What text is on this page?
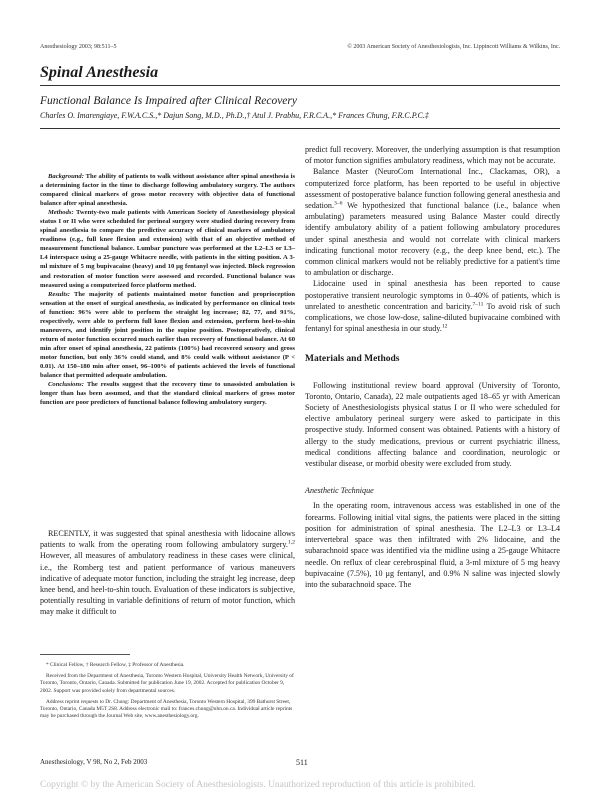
Anesthesiology 2003; 98:511–5	© 2003 American Society of Anesthesiologists, Inc. Lippincott Williams & Wilkins, Inc.
Spinal Anesthesia
Functional Balance Is Impaired after Clinical Recovery
Charles O. Imarengiaye, F.W.A.C.S.,* Dajun Song, M.D., Ph.D.,† Atul J. Prabhu, F.R.C.A.,* Frances Chung, F.R.C.P.C.‡

Background: The ability of patients to walk without assistance after spinal anesthesia is a determining factor in the time to discharge following ambulatory surgery. The authors compared clinical markers of gross motor recovery with objective data of functional balance after spinal anesthesia.

Methods: Twenty-two male patients with American Society of Anesthesiology physical status I or II who were scheduled for perineal surgery were studied during recovery from spinal anesthesia to compare the predictive accuracy of clinical markers of ambulatory readiness (e.g., full knee flexion and extension) with that of an objective method of measurement functional balance. Lumbar puncture was performed at the L2–L3 or L3–L4 interspace using a 25-gauge Whitacre needle, with patients in the sitting position. A 3-ml mixture of 5 mg bupivacaine (heavy) and 10 μg fentanyl was injected. Block regression and restoration of motor function were assessed and recorded. Functional balance was measured using a computerized force platform method.

Results: The majority of patients maintained motor function and proprioception sensation at the onset of surgical anesthesia, as indicated by performance on clinical tests of function: 96% were able to perform the straight leg increase; 82, 77, and 91%, respectively, were able to perform full knee flexion and extension, perform heel-to-shin maneuvers, and identify joint position in the supine position. Postoperatively, clinical return of motor function occurred much earlier than recovery of functional balance. At 60 min after onset of spinal anesthesia, 22 patients (100%) had recovered sensory and gross motor function, but only 36% could stand, and 8% could walk without assistance (P < 0.01). At 150–180 min after onset, 96–100% of patients achieved the levels of functional balance that permitted adequate ambulation.

Conclusions: The results suggest that the recovery time to unassisted ambulation is longer than has been assumed, and that the standard clinical markers of gross motor function are poor predictors of functional balance following ambulatory surgery.

RECENTLY, it was suggested that spinal anesthesia with lidocaine allows patients to walk from the operating room following ambulatory surgery.$^{1,2}$ However, all measures of ambulatory readiness in these cases were clinical, i.e., the Romberg test and patient performance of various maneuvers indicative of adequate motor function, including the straight leg increase, deep knee bend, and heel-to-shin touch. Evaluation of these indicators is subjective, potentially resulting in variable definitions of return of motor function, which may make it difficult to

* Clinical Fellow, † Research Fellow, ‡ Professor of Anesthesia.

Received from the Department of Anesthesia, Toronto Western Hospital, University Health Network, University of Toronto, Toronto, Ontario, Canada. Submitted for publication June 19, 2002. Accepted for publication October 9, 2002. Support was provided solely from departmental sources.

Address reprint requests to Dr. Chung: Department of Anesthesia, Toronto Western Hospital, 399 Bathurst Street, Toronto, Ontario, Canada M5T 2S8. Address electronic mail to: frances.chung@uhn.on.ca. Individual article reprints may be purchased through the Journal Web site, www.anesthesiology.org.

predict full recovery. Moreover, the underlying assumption is that resumption of motor function signifies ambulatory readiness, which may not be accurate.

Balance Master (NeuroCom International Inc., Clackamas, OR), a computerized force platform, has been reported to be useful in objective assessment of postoperative balance function following general anesthesia and sedation.$^{3-6}$ We hypothesized that functional balance (i.e., balance when ambulating) parameters measured using Balance Master could directly identify ambulatory ability of a patient following ambulatory procedures under spinal anesthesia and would not correlate with clinical markers indicating functional motor recovery (e.g., the deep knee bend, etc.). The common clinical markers would not be reliably predictive for a patient's time to ambulation or discharge.

Lidocaine used in spinal anesthesia has been reported to cause postoperative transient neurologic symptoms in 0–40% of patients, which is unrelated to anesthetic concentration and baricity.$^{7-11}$ To avoid risk of such complications, we chose low-dose, saline-diluted bupivacaine combined with fentanyl for spinal anesthesia in our study.$^{12}$

Materials and Methods

Following institutional review board approval (University of Toronto, Toronto, Ontario, Canada), 22 male outpatients aged 18–65 yr with American Society of Anesthesiologists physical status I or II who were scheduled for elective ambulatory perineal surgery were asked to participate in this prospective study. Informed consent was obtained. Patients with a history of allergy to the study medications, previous or current psychiatric illness, medical conditions affecting balance and coordination, neurologic or vestibular disease, or morbid obesity were excluded from study.

Anesthetic Technique

In the operating room, intravenous access was established in one of the forearms. Following initial vital signs, the patients were placed in the sitting position for administration of spinal anesthesia. The L2–L3 or L3–L4 intervertebral space was then infiltrated with 2% lidocaine, and the subarachnoid space was identified via the midline using a 25-gauge Whitacre needle. On reflux of clear cerebrospinal fluid, a 3-ml mixture of 5 mg heavy bupivacaine (7.5%), 10 μg fentanyl, and 0.9% N saline was injected slowly into the subarachnoid space. The

Anesthesiology, V 98, No 2, Feb 2003	511
Copyright © by the American Society of Anesthesiologists. Unauthorized reproduction of this article is prohibited.
